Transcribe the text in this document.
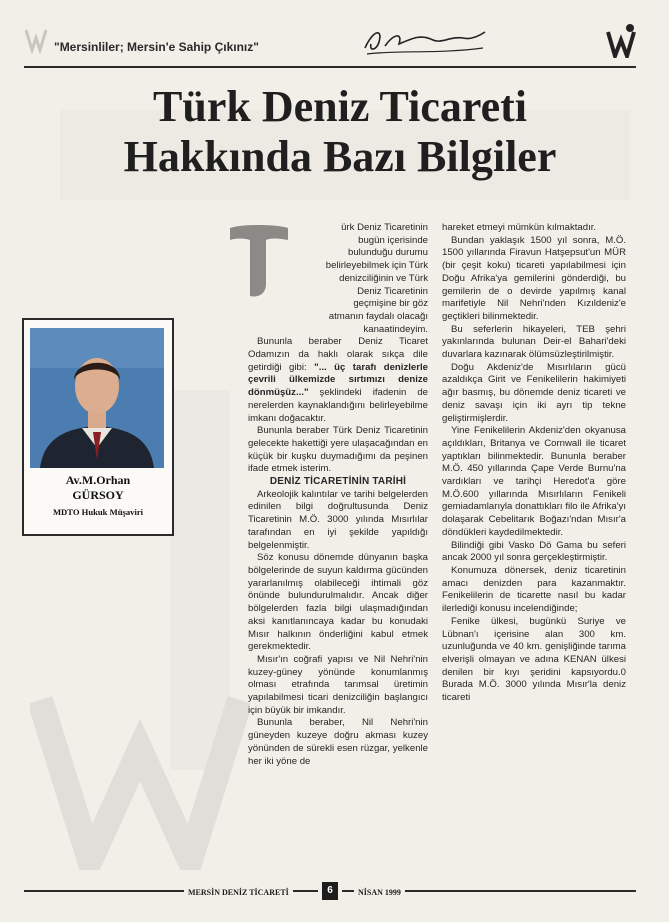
"Mersinliler; Mersin'e Sahip Çıkınız"
Türk Deniz Ticareti
Hakkında Bazı Bilgiler
Av.M.Orhan
GÜRSOY
MDTO Hukuk Müşaviri
ürk Deniz Ticaretinin
bugün içerisinde
bulunduğu durumu
belirleyebilmek için Türk
denizciliğinin ve Türk
Deniz Ticaretinin
geçmişine bir göz
atmanın faydalı olacağı
kanaatindeyim.

Bununla beraber Deniz Ticaret Odamızın da haklı olarak sıkça dile getirdiği gibi: "... üç tarafı denizlerle çevrili ülkemizde sırtımızı denize dönmüşüz..." şeklindeki ifadenin de nerelerden kaynaklandığını belirleyebilme imkanı doğacaktır.

Bununla beraber Türk Deniz Ticaretinin gelecekte hakettiği yere ulaşacağından en küçük bir kuşku duymadığımı da peşinen ifade etmek isterim.

DENİZ TİCARETİNİN TARİHİ

Arkeolojik kalıntılar ve tarihi belgelerden edinilen bilgi doğrultusunda Deniz Ticaretinin M.Ö. 3000 yılında Mısırlılar tarafından en iyi şekilde yapıldığı belgelenmiştir.

Söz konusu dönemde dünyanın başka bölgelerinde de suyun kaldırma gücünden yararlanılmış olabileceği ihtimali göz önünde bulundurulmalıdır. Ancak diğer bölgelerden fazla bilgi ulaşmadığından aksi kanıtlanıncaya kadar bu konudaki Mısır halkının önderliğini kabul etmek gerekmektedir.

Mısır'ın coğrafi yapısı ve Nil Nehri'nin kuzey-güney yönünde konumlanmış olması etrafında tarımsal üretimin yapılabilmesi ticari denizciliğin başlangıcı için büyük bir imkandır.

Bununla beraber, Nil Nehri'nin güneyden kuzeye doğru akması kuzey yönünden de sürekli esen rüzgar, yelkenle her iki yöne de

hareket etmeyi mümkün kılmaktadır.

Bundan yaklaşık 1500 yıl sonra, M.Ö. 1500 yıllarında Firavun Hatşepsut'un MÜR (bir çeşit koku) ticareti yapılabilmesi için Doğu Afrika'ya gemilerini gönderdiği, bu gemilerin de o devirde yapılmış kanal marifetiyle Nil Nehri'nden Kızıldeniz'e geçtikleri bilinmektedir.

Bu seferlerin hikayeleri, TEB şehri yakınlarında bulunan Deir-el Bahari'deki duvarlara kazınarak ölümsüzleştirilmiştir.

Doğu Akdeniz'de Mısırlıların gücü azaldıkça Girit ve Fenikelilerin hakimiyeti ağır basmış, bu dönemde deniz ticareti ve deniz savaşı için iki ayrı tip tekne geliştirmişlerdir.

Yine Fenikelilerin Akdeniz'den okyanusa açıldıkları, Britanya ve Cornwall ile ticaret yaptıkları bilinmektedir. Bununla beraber M.Ö. 450 yıllarında Çape Verde Burnu'na vardıkları ve tarihçi Heredot'a göre M.Ö.600 yıllarında Mısırlıların Fenikeli gemiadamlarıyla donattıkları filo ile Afrika'yı dolaşarak Cebelitarık Boğazı'ndan Mısır'a döndükleri kaydedilmektedir.

Bilindiği gibi Vasko Dö Gama bu seferi ancak 2000 yıl sonra gerçekleştirmiştir.

Konumuza dönersek, deniz ticaretinin amacı denizden para kazanmaktır. Fenikelilerin de ticarette nasıl bu kadar ilerlediği konusu incelendiğinde;

Fenike ülkesi, bugünkü Suriye ve Lübnan'ı içerisine alan 300 km. uzunluğunda ve 40 km. genişliğinde tarıma elverişli olmayan ve adına KENAN ülkesi denilen bir kıyı şeridini kapsıyordu.0 Burada M.Ö. 3000 yılında Mısır'la deniz ticareti

MERSİN DENİZ TİCARETİ	6	NİSAN 1999
